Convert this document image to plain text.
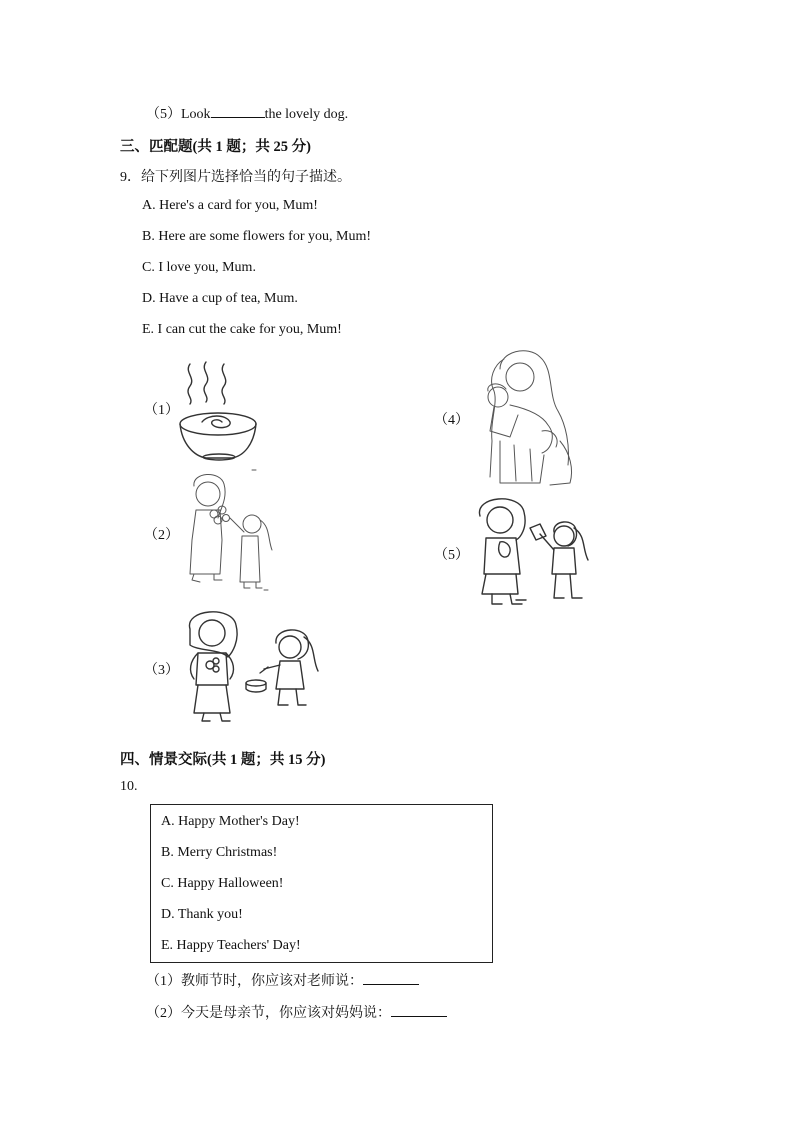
（5）Look	the lovely dog.
三、匹配题(共 1 题；共 25 分)
9．给下列图片选择恰当的句子描述。
A. Here's a card for you, Mum!
B. Here are some flowers for you, Mum!
C. I love you, Mum.
D. Have a cup of tea, Mum.
E. I can cut the cake for you, Mum!
（1）
（2）
（3）
（4）
（5）
四、情景交际(共 1 题；共 15 分)
10.
A. Happy Mother's Day!
B. Merry Christmas!
C. Happy Halloween!
D. Thank you!
E. Happy Teachers' Day!
（1）教师节时，你应该对老师说：
（2）今天是母亲节，你应该对妈妈说：
